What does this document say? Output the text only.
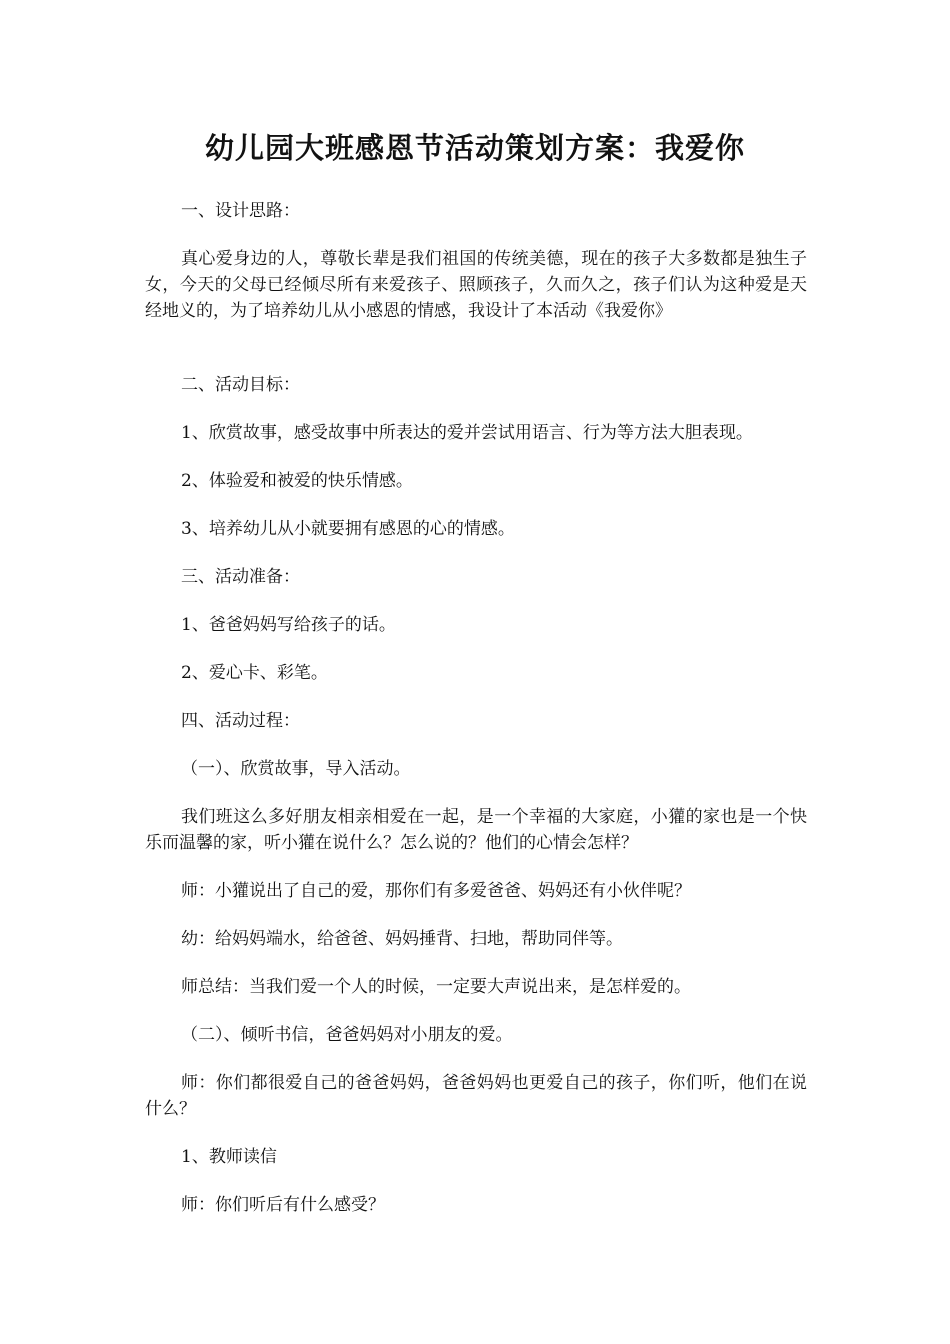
幼儿园大班感恩节活动策划方案：我爱你

一、设计思路：

真心爱身边的人，尊敬长辈是我们祖国的传统美德，现在的孩子大多数都是独生子女，今天的父母已经倾尽所有来爱孩子、照顾孩子，久而久之，孩子们认为这种爱是天经地义的，为了培养幼儿从小感恩的情感，我设计了本活动《我爱你》

二、活动目标：

1、欣赏故事，感受故事中所表达的爱并尝试用语言、行为等方法大胆表现。

2、体验爱和被爱的快乐情感。

3、培养幼儿从小就要拥有感恩的心的情感。

三、活动准备：

1、爸爸妈妈写给孩子的话。

2、爱心卡、彩笔。

四、活动过程：

（一）、欣赏故事，导入活动。

我们班这么多好朋友相亲相爱在一起，是一个幸福的大家庭，小獾的家也是一个快乐而温馨的家，听小獾在说什么？怎么说的？他们的心情会怎样？

师：小獾说出了自己的爱，那你们有多爱爸爸、妈妈还有小伙伴呢？

幼：给妈妈端水，给爸爸、妈妈捶背、扫地，帮助同伴等。

师总结：当我们爱一个人的时候，一定要大声说出来，是怎样爱的。

（二）、倾听书信，爸爸妈妈对小朋友的爱。

师：你们都很爱自己的爸爸妈妈，爸爸妈妈也更爱自己的孩子，你们听，他们在说什么？

1、教师读信

师：你们听后有什么感受？
